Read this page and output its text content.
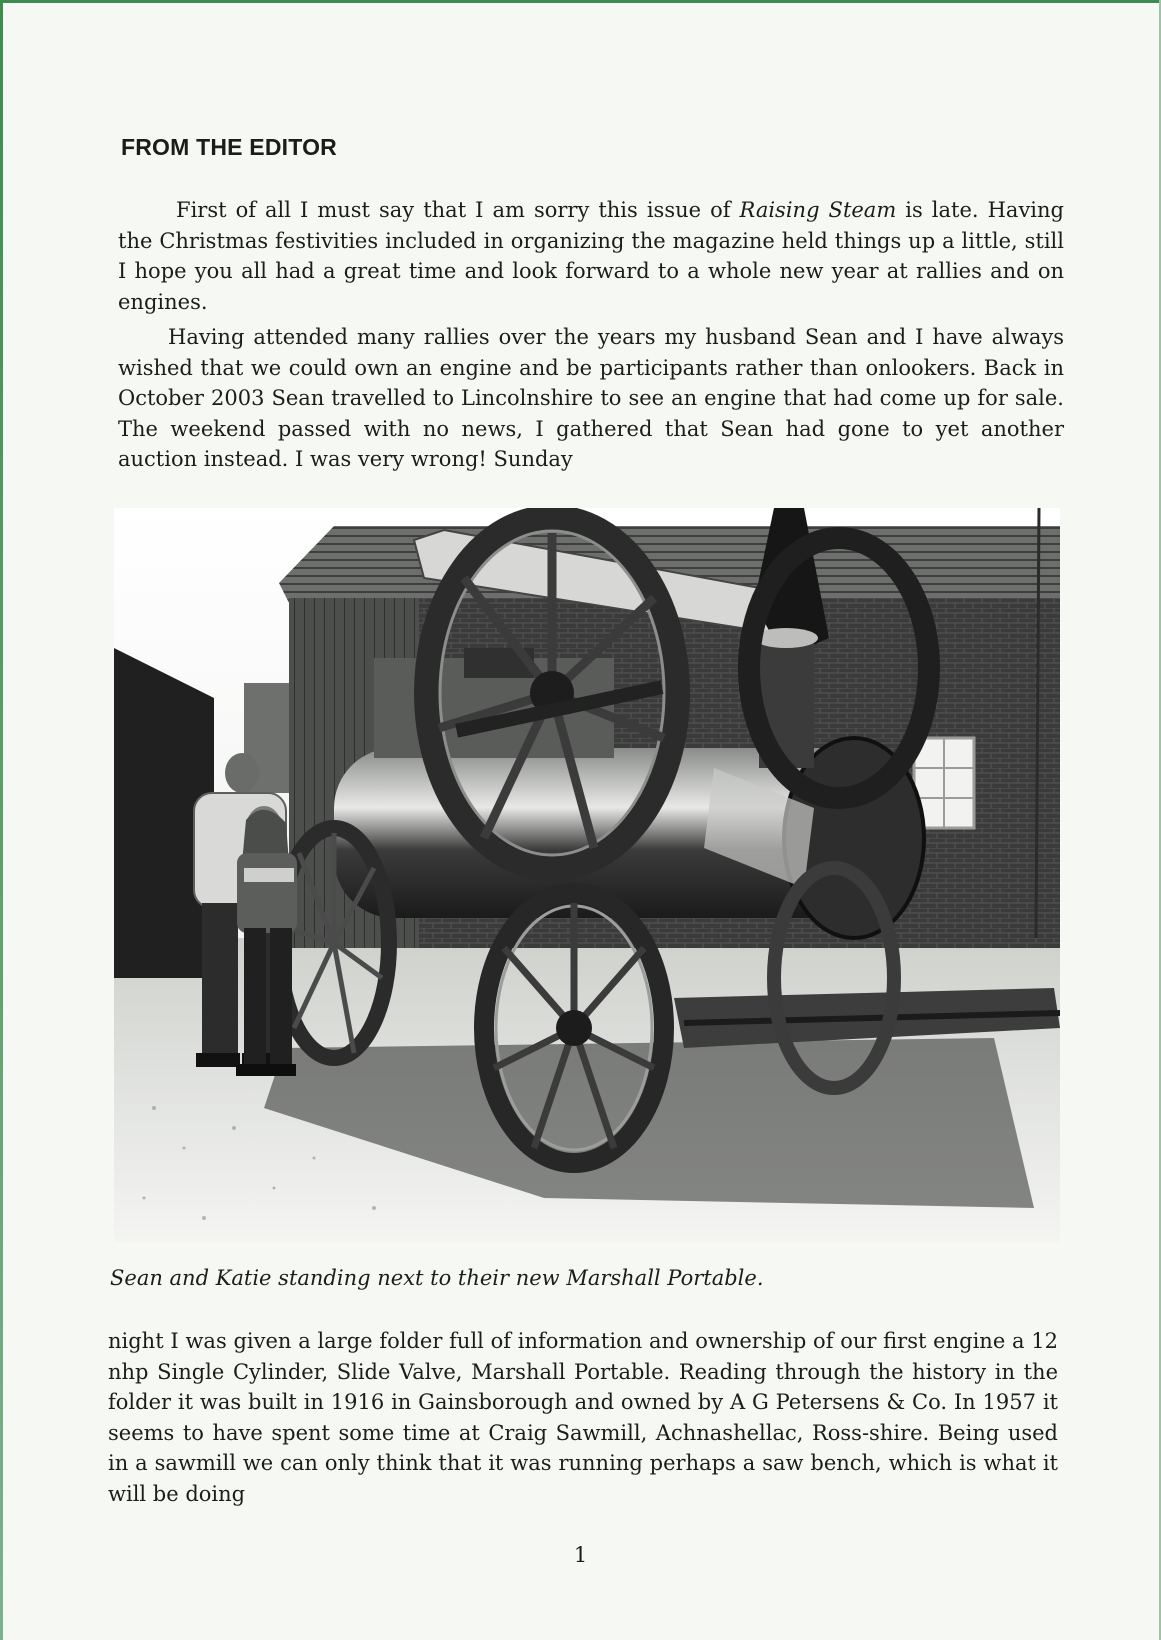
FROM THE EDITOR

First of all I must say that I am sorry this issue of Raising Steam is late. Having the Christmas festivities included in organizing the magazine held things up a little, still I hope you all had a great time and look forward to a whole new year at rallies and on engines.

Having attended many rallies over the years my husband Sean and I have always wished that we could own an engine and be participants rather than onlookers. Back in October 2003 Sean travelled to Lincolnshire to see an engine that had come up for sale. The weekend passed with no news, I gathered that Sean had gone to yet another auction instead. I was very wrong! Sunday

Sean and Katie standing next to their new Marshall Portable.

night I was given a large folder full of information and ownership of our first engine a 12 nhp Single Cylinder, Slide Valve, Marshall Portable. Reading through the history in the folder it was built in 1916 in Gainsborough and owned by A G Petersens & Co. In 1957 it seems to have spent some time at Craig Sawmill, Achnashellac, Ross-shire. Being used in a sawmill we can only think that it was running perhaps a saw bench, which is what it will be doing

1
